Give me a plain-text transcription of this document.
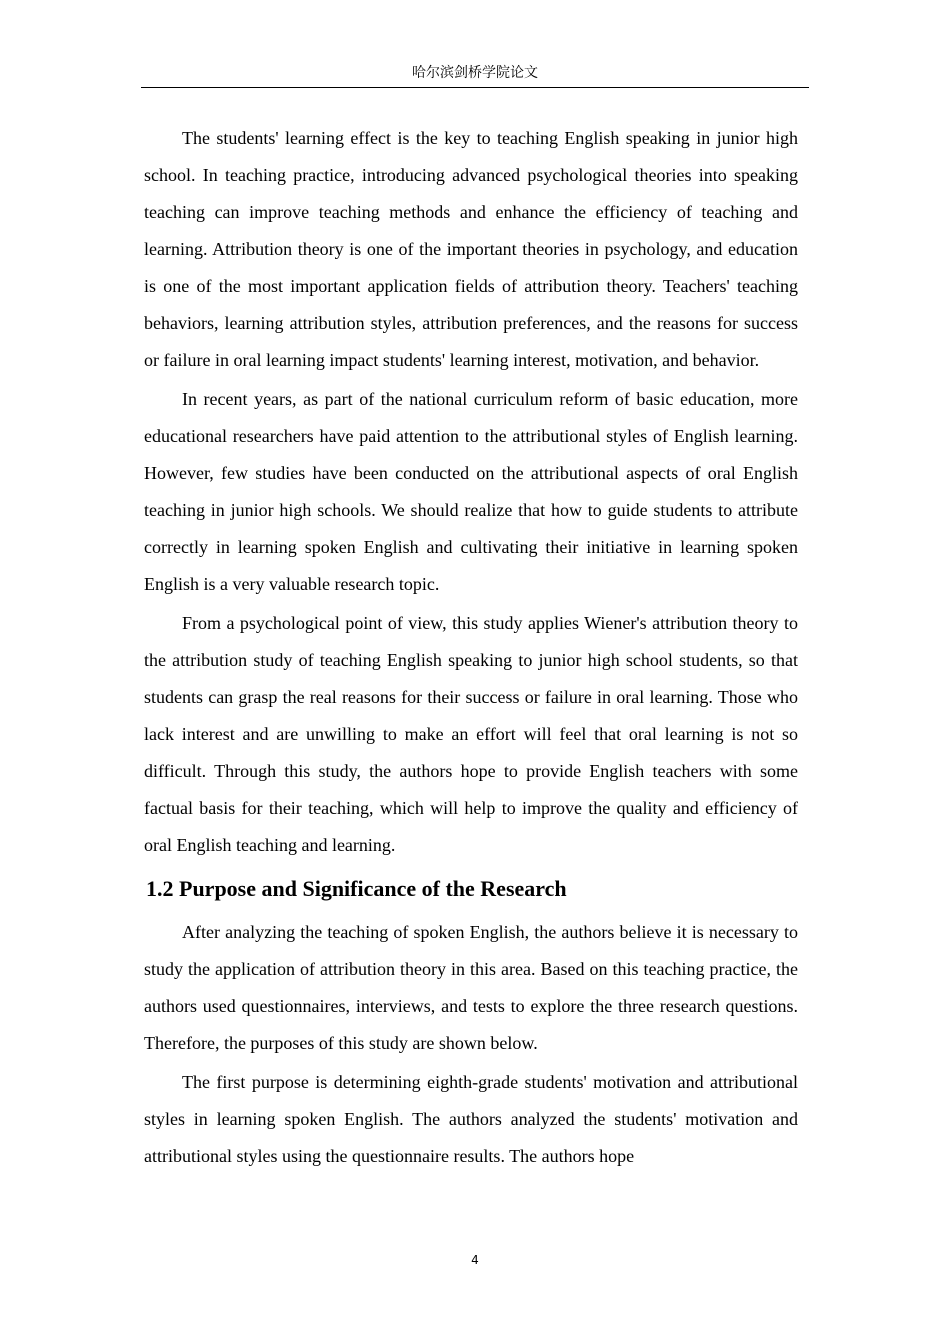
哈尔滨剑桥学院论文

The students' learning effect is the key to teaching English speaking in junior high school. In teaching practice, introducing advanced psychological theories into speaking teaching can improve teaching methods and enhance the efficiency of teaching and learning. Attribution theory is one of the important theories in psychology, and education is one of the most important application fields of attribution theory. Teachers' teaching behaviors, learning attribution styles, attribution preferences, and the reasons for success or failure in oral learning impact students' learning interest, motivation, and behavior.

In recent years, as part of the national curriculum reform of basic education, more educational researchers have paid attention to the attributional styles of English learning. However, few studies have been conducted on the attributional aspects of oral English teaching in junior high schools. We should realize that how to guide students to attribute correctly in learning spoken English and cultivating their initiative in learning spoken English is a very valuable research topic.

From a psychological point of view, this study applies Wiener's attribution theory to the attribution study of teaching English speaking to junior high school students, so that students can grasp the real reasons for their success or failure in oral learning. Those who lack interest and are unwilling to make an effort will feel that oral learning is not so difficult. Through this study, the authors hope to provide English teachers with some factual basis for their teaching, which will help to improve the quality and efficiency of oral English teaching and learning.

1.2 Purpose and Significance of the Research

After analyzing the teaching of spoken English, the authors believe it is necessary to study the application of attribution theory in this area. Based on this teaching practice, the authors used questionnaires, interviews, and tests to explore the three research questions. Therefore, the purposes of this study are shown below.

The first purpose is determining eighth-grade students' motivation and attributional styles in learning spoken English. The authors analyzed the students' motivation and attributional styles using the questionnaire results. The authors hope

4
